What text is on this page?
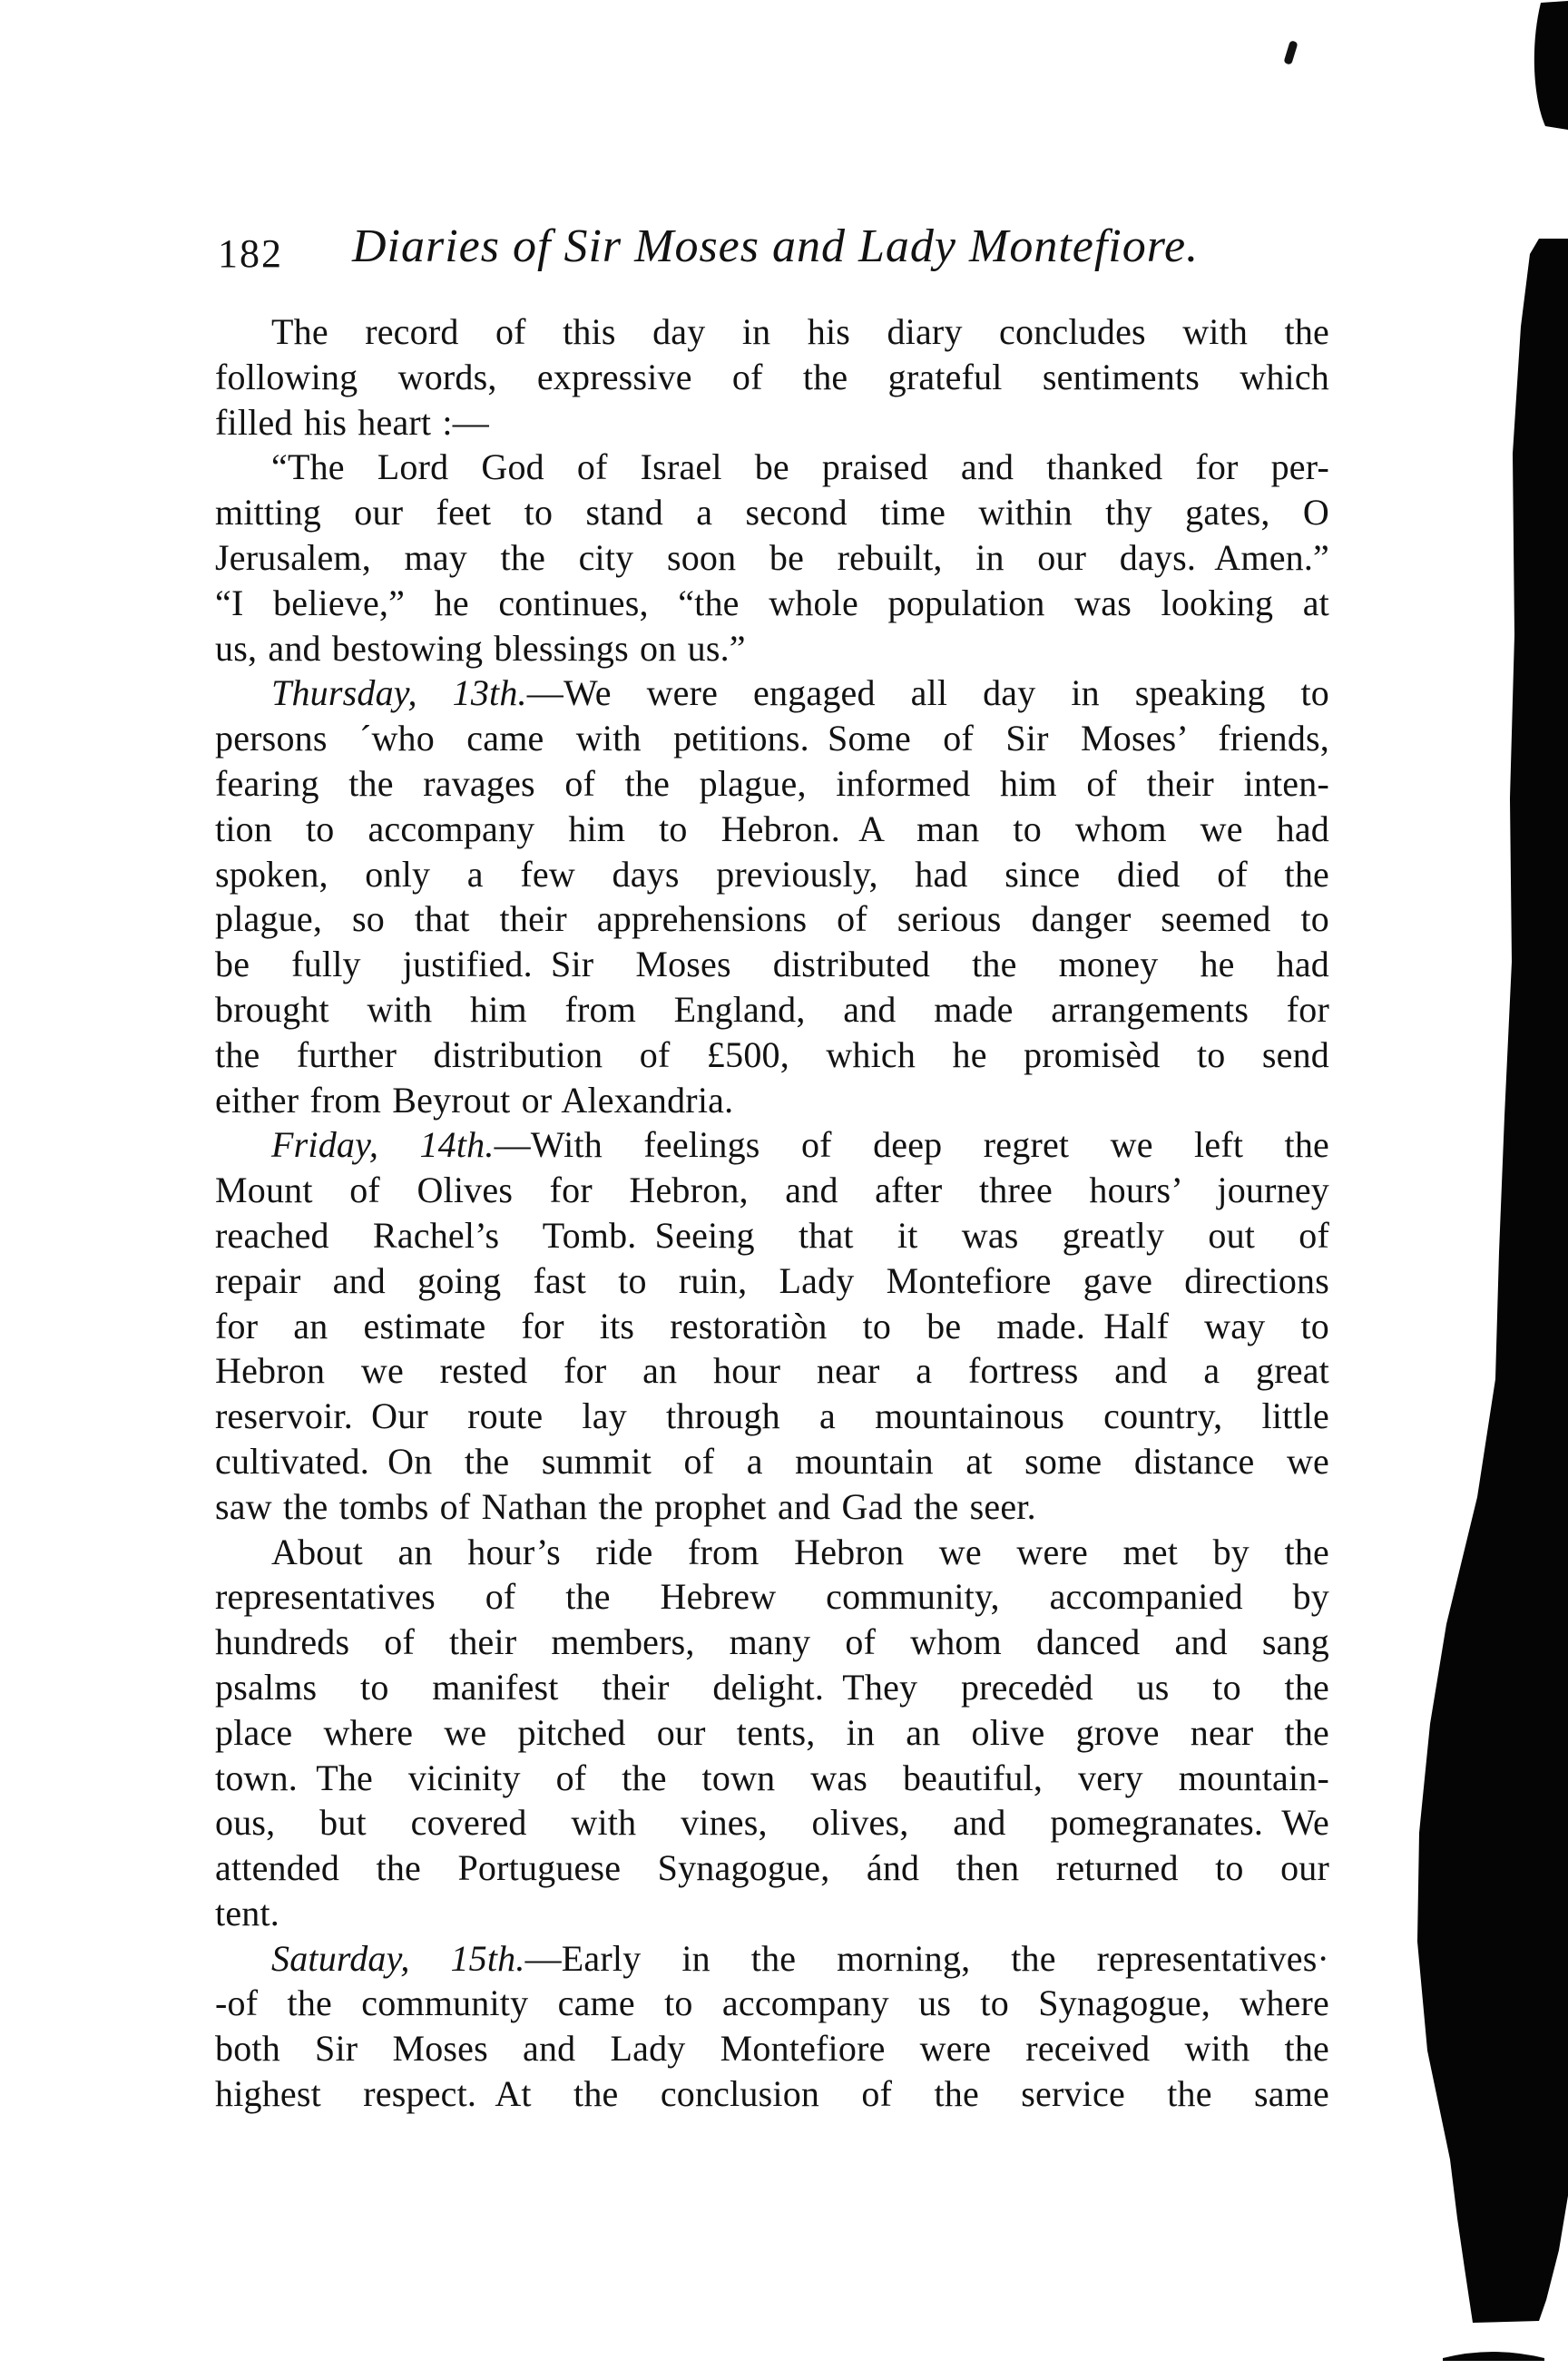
182 Diaries of Sir Moses and Lady Montefiore.
The record of this day in his diary concludes with the
following words, expressive of the grateful sentiments which
filled his heart :—
“The Lord God of Israel be praised and thanked for per-
mitting our feet to stand a second time within thy gates, O
Jerusalem, may the city soon be rebuilt, in our days. Amen.”
“I believe,” he continues, “the whole population was looking at
us, and bestowing blessings on us.”
Thursday, 13th.—We were engaged all day in speaking to
persons ´who came with petitions. Some of Sir Moses’ friends,
fearing the ravages of the plague, informed him of their inten-
tion to accompany him to Hebron. A man to whom we had
spoken, only a few days previously, had since died of the
plague, so that their apprehensions of serious danger seemed to
be fully justified. Sir Moses distributed the money he had
brought with him from England, and made arrangements for
the further distribution of £500, which he promisèd to send
either from Beyrout or Alexandria.
Friday, 14th.—With feelings of deep regret we left the
Mount of Olives for Hebron, and after three hours’ journey
reached Rachel’s Tomb. Seeing that it was greatly out of
repair and going fast to ruin, Lady Montefiore gave directions
for an estimate for its restoratiòn to be made. Half way to
Hebron we rested for an hour near a fortress and a great
reservoir. Our route lay through a mountainous country, little
cultivated. On the summit of a mountain at some distance we
saw the tombs of Nathan the prophet and Gad the seer.
About an hour’s ride from Hebron we were met by the
representatives of the Hebrew community, accompanied by
hundreds of their members, many of whom danced and sang
psalms to manifest their delight. They precedėd us to the
place where we pitched our tents, in an olive grove near the
town. The vicinity of the town was beautiful, very mountain-
ous, but covered with vines, olives, and pomegranates. We
attended the Portuguese Synagogue, ánd then returned to our
tent.
Saturday, 15th.—Early in the morning, the representatives·
-of the community came to accompany us to Synagogue, where
both Sir Moses and Lady Montefiore were received with the
highest respect. At the conclusion of the service the same
